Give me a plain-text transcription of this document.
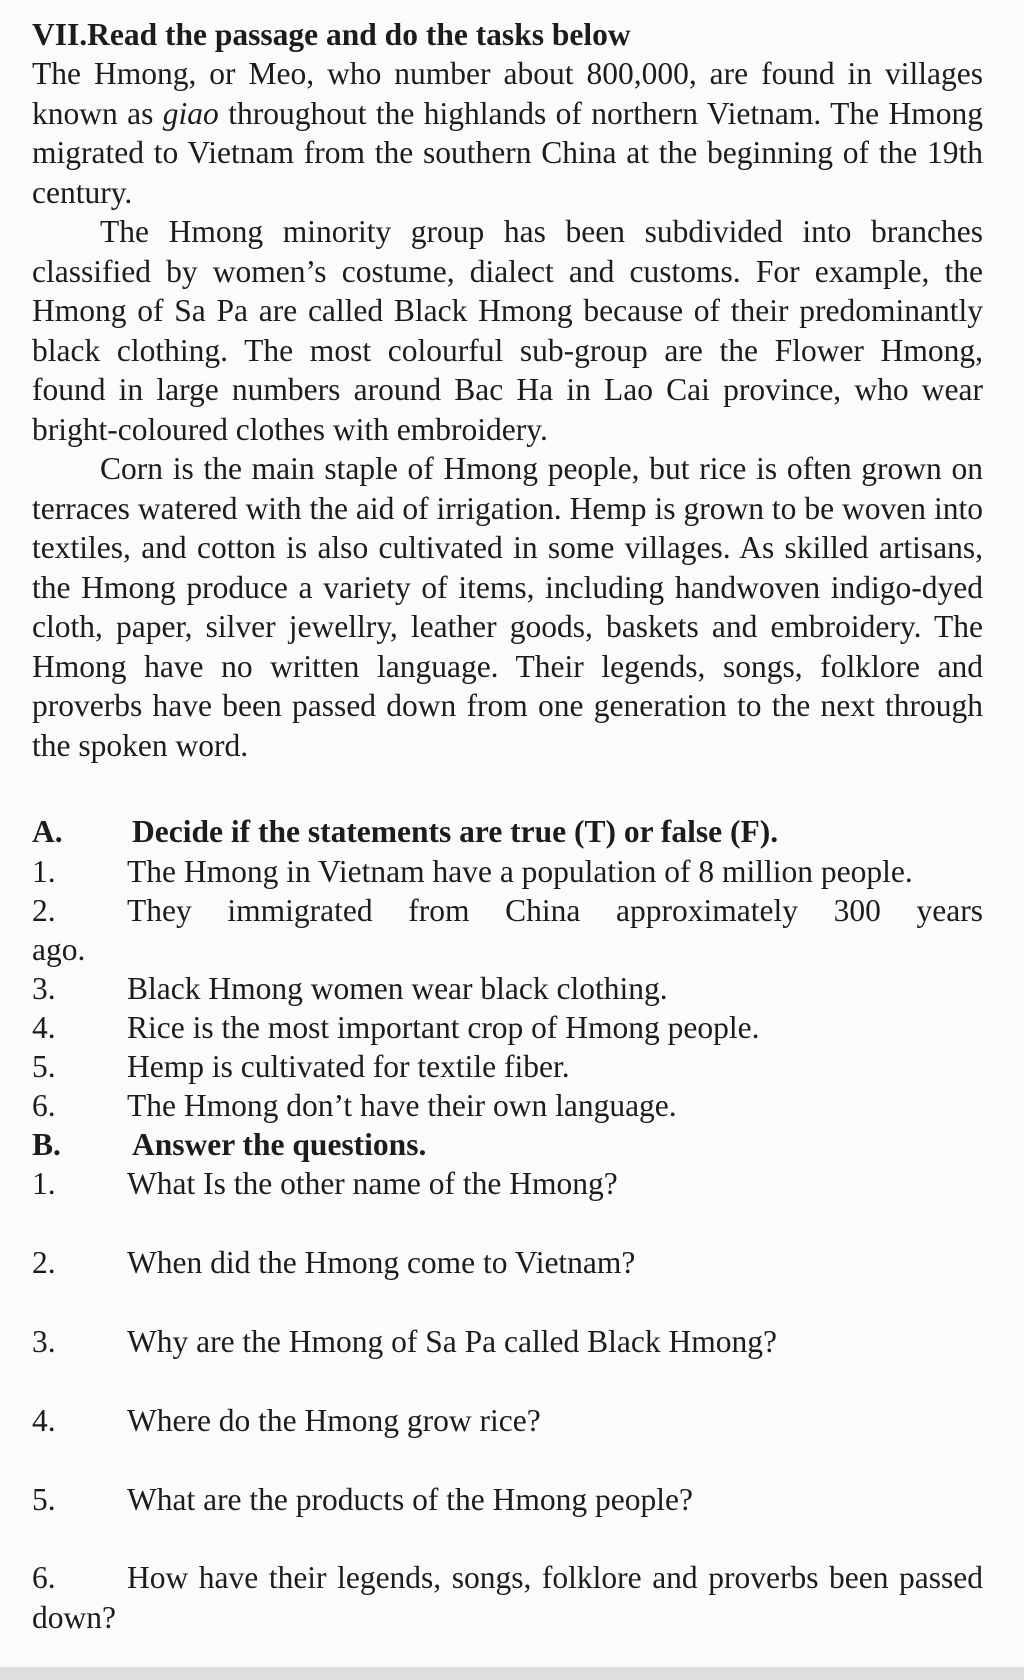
VII.Read the passage and do the tasks below

The Hmong, or Meo, who number about 800,000, are found in villages known as giao throughout the highlands of northern Vietnam. The Hmong migrated to Vietnam from the southern China at the beginning of the 19th century.

The Hmong minority group has been subdivided into branches classified by women’s costume, dialect and customs. For example, the Hmong of Sa Pa are called Black Hmong because of their predominantly black clothing. The most colourful sub-group are the Flower Hmong, found in large numbers around Bac Ha in Lao Cai province, who wear bright-coloured clothes with embroidery.

Corn is the main staple of Hmong people, but rice is often grown on terraces watered with the aid of irrigation. Hemp is grown to be woven into textiles, and cotton is also cultivated in some villages. As skilled artisans, the Hmong produce a variety of items, including handwoven indigo-dyed cloth, paper, silver jewellry, leather goods, baskets and embroidery. The Hmong have no written language. Their legends, songs, folklore and proverbs have been passed down from one generation to the next through the spoken word.

A. Decide if the statements are true (T) or false (F).
1. The Hmong in Vietnam have a population of 8 million people.
2. They immigrated from China approximately 300 years
ago.
3. Black Hmong women wear black clothing.
4. Rice is the most important crop of Hmong people.
5. Hemp is cultivated for textile fiber.
6. The Hmong don’t have their own language.
B. Answer the questions.
1. What Is the other name of the Hmong?
2. When did the Hmong come to Vietnam?
3. Why are the Hmong of Sa Pa called Black Hmong?
4. Where do the Hmong grow rice?
5. What are the products of the Hmong people?
6. How have their legends, songs, folklore and proverbs been passed down?
